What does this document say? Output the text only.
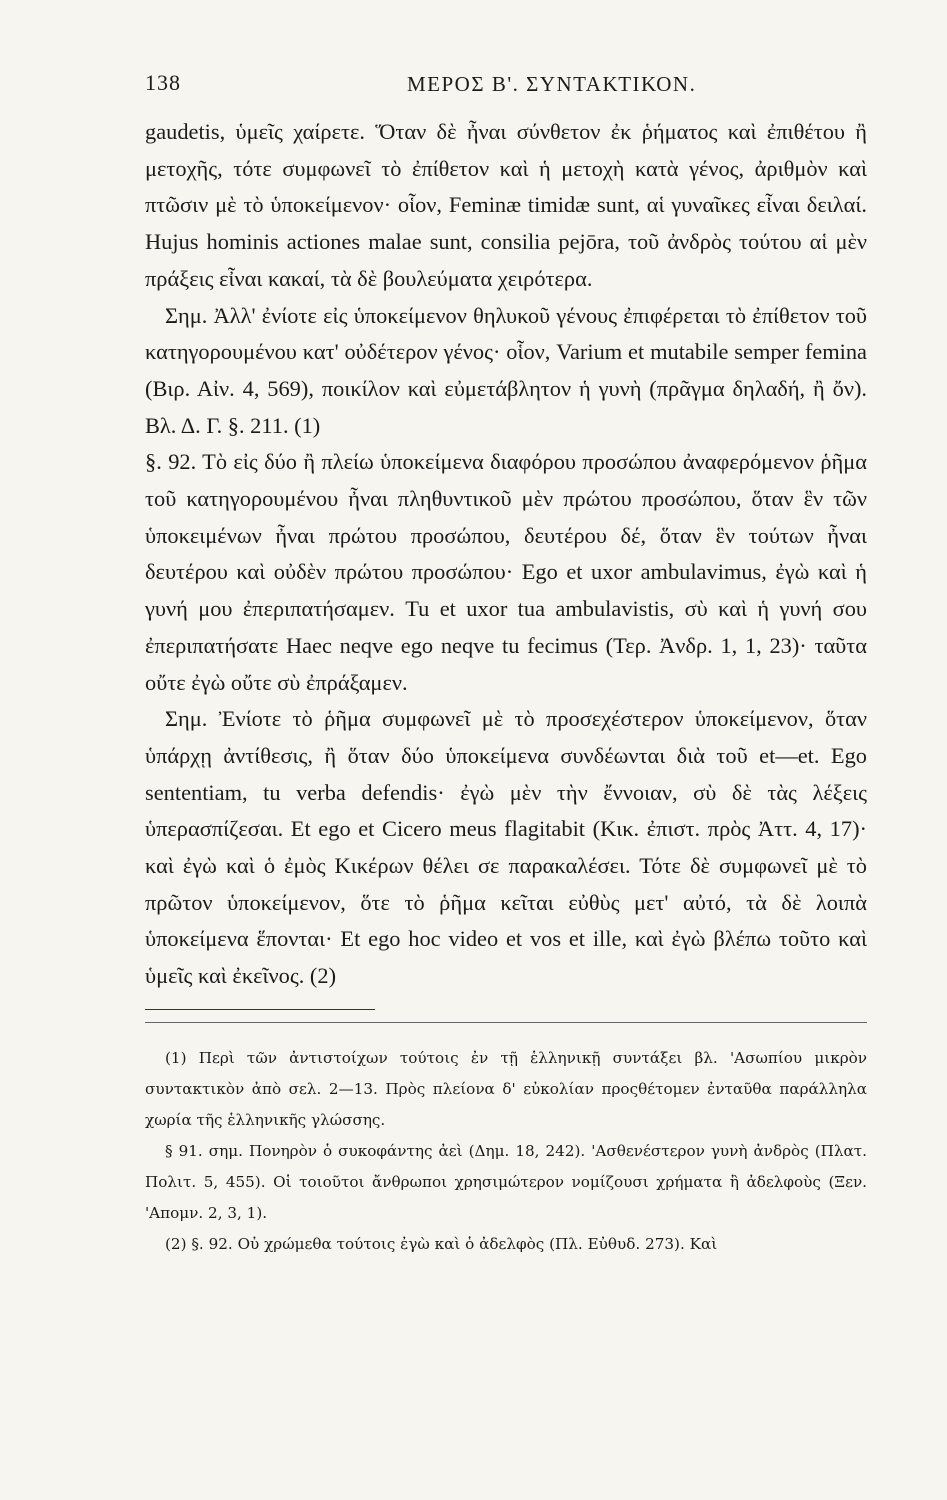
138	ΜΕΡΟΣ Β'. ΣΥΝΤΑΚΤΙΚΟΝ.

gaudetis, ὑμεῖς χαίρετε. Ὅταν δὲ ἦναι σύνθετον ἐκ ῥήματος καὶ ἐπιθέτου ἢ μετοχῆς, τότε συμφωνεῖ τὸ ἐπίθετον καὶ ἡ μετοχὴ κατὰ γένος, ἀριθμὸν καὶ πτῶσιν μὲ τὸ ὑποκείμενον· οἷον, Feminæ timidæ sunt, αἱ γυναῖκες εἶναι δειλαί. Hujus hominis actiones malae sunt, consilia pejōra, τοῦ ἀνδρὸς τούτου αἱ μὲν πράξεις εἶναι κακαί, τὰ δὲ βουλεύματα χειρότερα.

Σημ. Ἀλλ' ἐνίοτε εἰς ὑποκείμενον θηλυκοῦ γένους ἐπιφέρεται τὸ ἐπίθετον τοῦ κατηγορουμένου κατ' οὐδέτερον γένος· οἷον, Varium et mutabile semper femina (Βιρ. Αἰν. 4, 569), ποικίλον καὶ εὐμετάβλητον ἡ γυνὴ (πρᾶγμα δηλαδή, ἢ ὄν). Βλ. Δ. Γ. §. 211. (1)

§. 92. Τὸ εἰς δύο ἢ πλείω ὑποκείμενα διαφόρου προσώπου ἀναφερόμενον ῥῆμα τοῦ κατηγορουμένου ἦναι πληθυντικοῦ μὲν πρώτου προσώπου, ὅταν ἓν τῶν ὑποκειμένων ἦναι πρώτου προσώπου, δευτέρου δέ, ὅταν ἓν τούτων ἦναι δευτέρου καὶ οὐδὲν πρώτου προσώπου· Ego et uxor ambulavimus, ἐγὼ καὶ ἡ γυνή μου ἐπεριπατήσαμεν. Tu et uxor tua ambulavistis, σὺ καὶ ἡ γυνή σου ἐπεριπατήσατε Haec neqve ego neqve tu fecimus (Τερ. Ἀνδρ. 1, 1, 23)· ταῦτα οὔτε ἐγὼ οὔτε σὺ ἐπράξαμεν.

Σημ. Ἐνίοτε τὸ ῥῆμα συμφωνεῖ μὲ τὸ προσεχέστερον ὑποκείμενον, ὅταν ὑπάρχῃ ἀντίθεσις, ἢ ὅταν δύο ὑποκείμενα συνδέωνται διὰ τοῦ et—et. Ego sententiam, tu verba defendis· ἐγὼ μὲν τὴν ἔννοιαν, σὺ δὲ τὰς λέξεις ὑπερασπίζεσαι. Et ego et Cicero meus flagitabit (Κικ. ἐπιστ. πρὸς Ἀττ. 4, 17)· καὶ ἐγὼ καὶ ὁ ἐμὸς Κικέρων θέλει σε παρακαλέσει. Τότε δὲ συμφωνεῖ μὲ τὸ πρῶτον ὑποκείμενον, ὅτε τὸ ῥῆμα κεῖται εὐθὺς μετ' αὐτό, τὰ δὲ λοιπὰ ὑποκείμενα ἕπονται· Et ego hoc video et vos et ille, καὶ ἐγὼ βλέπω τοῦτο καὶ ὑμεῖς καὶ ἐκεῖνος. (2)

(1) Περὶ τῶν ἀντιστοίχων τούτοις ἐν τῇ ἑλληνικῇ συντάξει βλ. 'Ασωπίου μικρὸν συντακτικὸν ἀπὸ σελ. 2—13. Πρὸς πλείονα δ' εὐκολίαν προςθέτομεν ἐνταῦθα παράλληλα χωρία τῆς ἑλληνικῆς γλώσσης.

§ 91. σημ. Πονηρὸν ὁ συκοφάντης ἀεὶ (Δημ. 18, 242). 'Ασθενέστερον γυνὴ ἀνδρὸς (Πλατ. Πολιτ. 5, 455). Οἱ τοιοῦτοι ἄνθρωποι χρησιμώτερον νομίζουσι χρήματα ἢ ἀδελφοὺς (Ξεν. 'Απομν. 2, 3, 1).

(2) §. 92. Οὐ χρώμεθα τούτοις ἐγὼ καὶ ὁ ἀδελφὸς (Πλ. Εὐθυδ. 273). Καὶ
